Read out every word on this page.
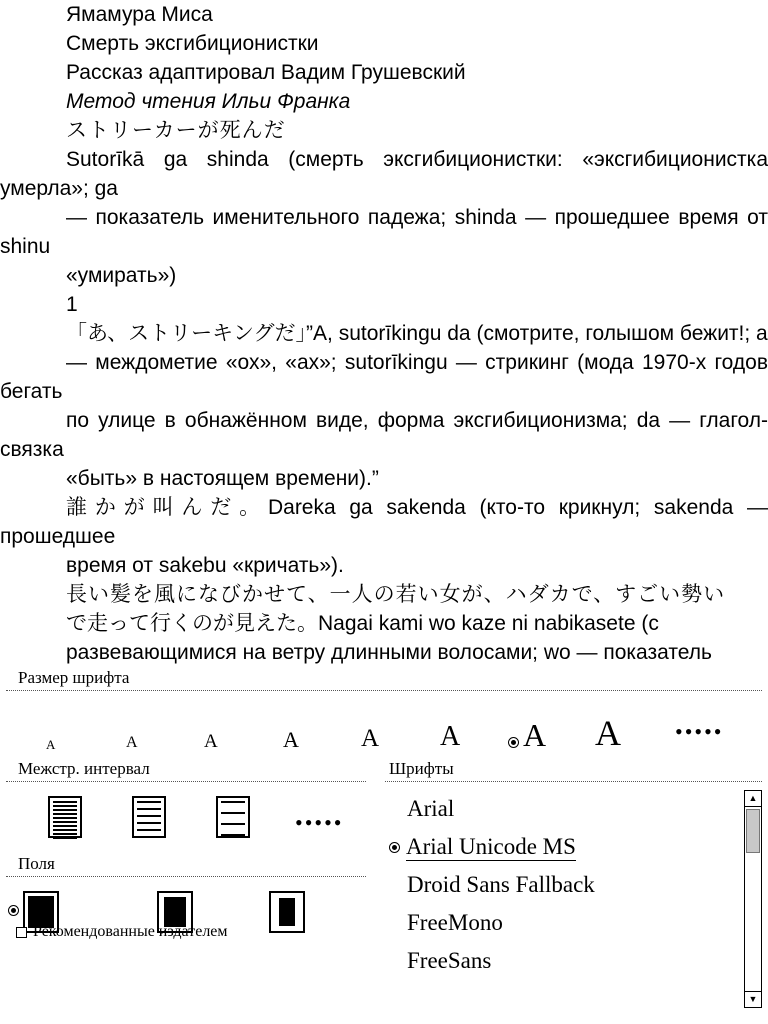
Ямамура Миса

Смерть эксгибиционистки

Рассказ адаптировал Вадим Грушевский

Метод чтения Ильи Франка

ストリーカーが死んだ

Sutorīkā ga shinda (смерть эксгибиционистки: «эксгибиционистка умерла»; ga

— показатель именительного падежа; shinda — прошедшее время от shinu

«умирать»)

1

「あ、ストリーキングだ」”A, sutorīkingu da (смотрите, голышом бежит!; а

— междометие «ох», «ах»; sutorīkingu — стрикинг (мода 1970-х годов бегать

по улице в обнажённом виде, форма эксгибиционизма; da — глагол-связка

«быть» в настоящем времени).”

誰かが叫んだ。Dareka ga sakenda (кто-то крикнул; sakenda — прошедшее

время от sakebu «кричать»).

長い髪を風になびかせて、一人の若い女が、ハダカで、すごい勢い

で走って行くのが見えた。Nagai kami wo kaze ni nabikasete (с

развевающимися на ветру длинными волосами; wo — показатель

Размер шрифта
A	A	A	A A A A A •••••
Межстр. интервал
•••••
Поля
Рекомендованные издателем
Шрифты
Arial
Arial Unicode MS
Droid Sans Fallback
FreeMono
FreeSans
▲
▼
